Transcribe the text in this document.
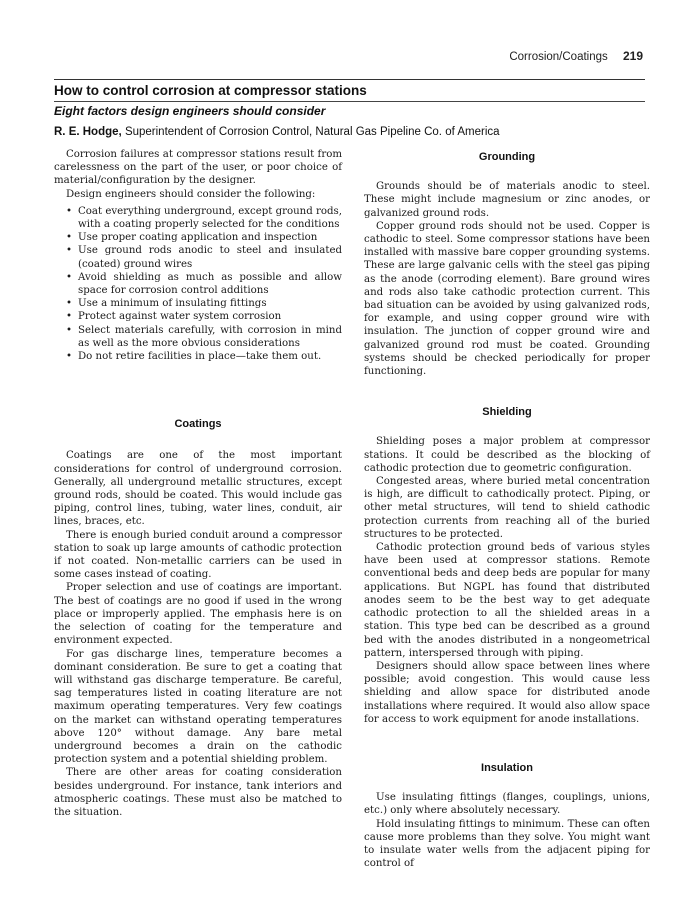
Corrosion/Coatings 219
How to control corrosion at compressor stations
Eight factors design engineers should consider
R. E. Hodge, Superintendent of Corrosion Control, Natural Gas Pipeline Co. of America

Corrosion failures at compressor stations result from carelessness on the part of the user, or poor choice of material/configuration by the designer.

Design engineers should consider the following:

• Coat everything underground, except ground rods, with a coating properly selected for the conditions
• Use proper coating application and inspection
• Use ground rods anodic to steel and insulated (coated) ground wires
• Avoid shielding as much as possible and allow space for corrosion control additions
• Use a minimum of insulating fittings
• Protect against water system corrosion
• Select materials carefully, with corrosion in mind as well as the more obvious considerations
• Do not retire facilities in place—take them out.
Coatings

Coatings are one of the most important considerations for control of underground corrosion. Generally, all underground metallic structures, except ground rods, should be coated. This would include gas piping, control lines, tubing, water lines, conduit, air lines, braces, etc.

There is enough buried conduit around a compressor station to soak up large amounts of cathodic protection if not coated. Non-metallic carriers can be used in some cases instead of coating.

Proper selection and use of coatings are important. The best of coatings are no good if used in the wrong place or improperly applied. The emphasis here is on the selection of coating for the temperature and environment expected.

For gas discharge lines, temperature becomes a dominant consideration. Be sure to get a coating that will withstand gas discharge temperature. Be careful, sag temperatures listed in coating literature are not maximum operating temperatures. Very few coatings on the market can withstand operating temperatures above 120° without damage. Any bare metal underground becomes a drain on the cathodic protection system and a potential shielding problem.

There are other areas for coating consideration besides underground. For instance, tank interiors and atmospheric coatings. These must also be matched to the situation.

Grounding

Grounds should be of materials anodic to steel. These might include magnesium or zinc anodes, or galvanized ground rods.

Copper ground rods should not be used. Copper is cathodic to steel. Some compressor stations have been installed with massive bare copper grounding systems. These are large galvanic cells with the steel gas piping as the anode (corroding element). Bare ground wires and rods also take cathodic protection current. This bad situation can be avoided by using galvanized rods, for example, and using copper ground wire with insulation. The junction of copper ground wire and galvanized ground rod must be coated. Grounding systems should be checked periodically for proper functioning.

Shielding

Shielding poses a major problem at compressor stations. It could be described as the blocking of cathodic protection due to geometric configuration.

Congested areas, where buried metal concentration is high, are difficult to cathodically protect. Piping, or other metal structures, will tend to shield cathodic protection currents from reaching all of the buried structures to be protected.

Cathodic protection ground beds of various styles have been used at compressor stations. Remote conventional beds and deep beds are popular for many applications. But NGPL has found that distributed anodes seem to be the best way to get adequate cathodic protection to all the shielded areas in a station. This type bed can be described as a ground bed with the anodes distributed in a nongeometrical pattern, interspersed through with piping.

Designers should allow space between lines where possible; avoid congestion. This would cause less shielding and allow space for distributed anode installations where required. It would also allow space for access to work equipment for anode installations.

Insulation

Use insulating fittings (flanges, couplings, unions, etc.) only where absolutely necessary.

Hold insulating fittings to minimum. These can often cause more problems than they solve. You might want to insulate water wells from the adjacent piping for control of
